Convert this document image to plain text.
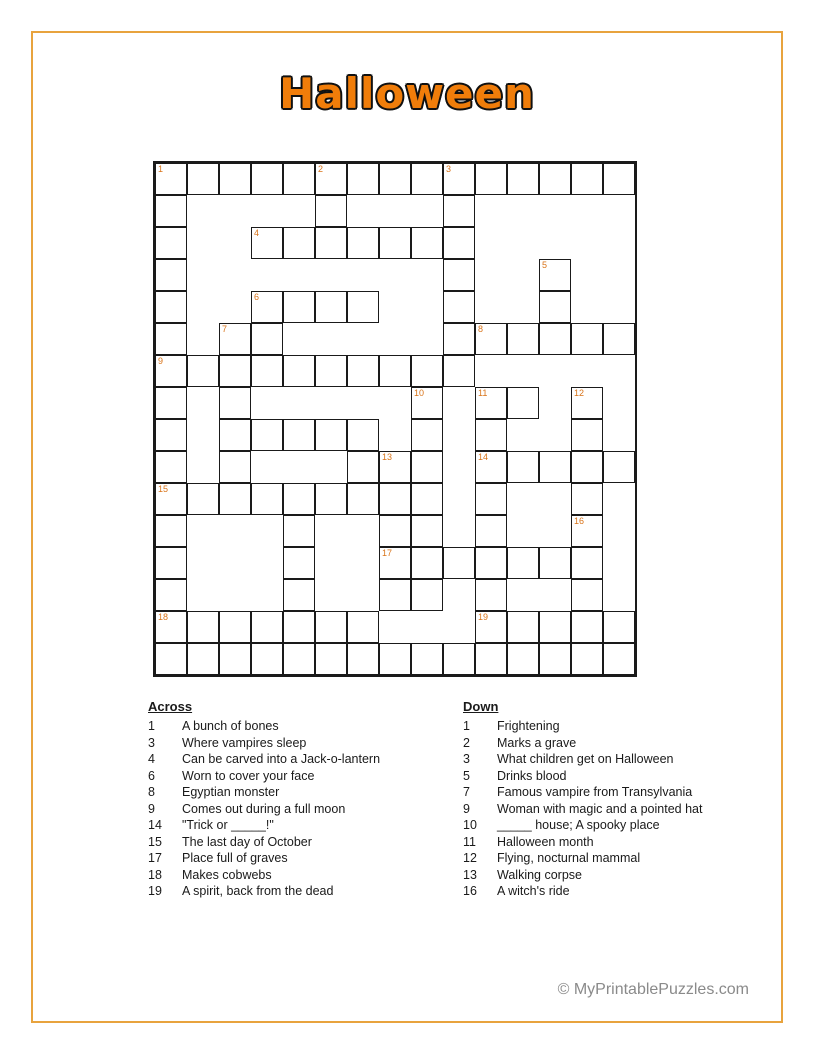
Halloween
1	2	3
4
5
6
7	8
9
10	11	12
13	14
15
16
17
18	19
Across
1	A bunch of bones
3	Where vampires sleep
4	Can be carved into a Jack-o-lantern
6	Worn to cover your face
8	Egyptian monster
9	Comes out during a full moon
14	"Trick or _____!"
15	The last day of October
17	Place full of graves
18	Makes cobwebs
19	A spirit, back from the dead
Down
1	Frightening
2	Marks a grave
3	What children get on Halloween
5	Drinks blood
7	Famous vampire from Transylvania
9	Woman with magic and a pointed hat
10	_____ house; A spooky place
11	Halloween month
12	Flying, nocturnal mammal
13	Walking corpse
16	A witch's ride
© MyPrintablePuzzles.com
